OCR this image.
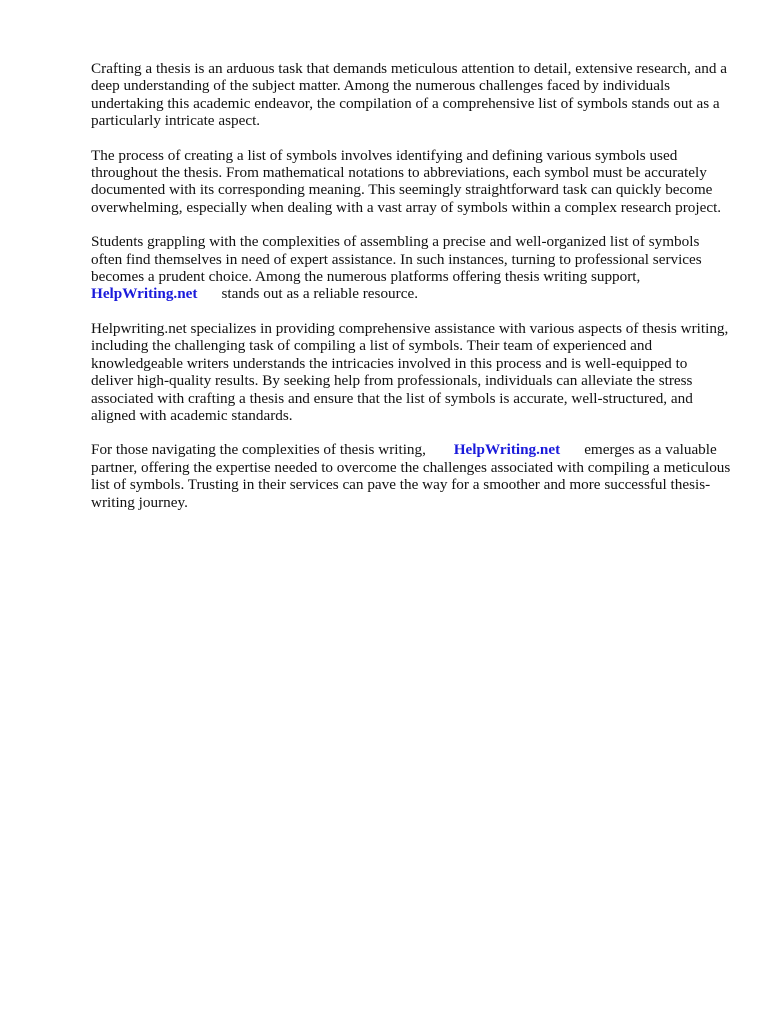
Crafting a thesis is an arduous task that demands meticulous attention to detail, extensive research, and a deep understanding of the subject matter. Among the numerous challenges faced by individuals undertaking this academic endeavor, the compilation of a comprehensive list of symbols stands out as a particularly intricate aspect.

The process of creating a list of symbols involves identifying and defining various symbols used throughout the thesis. From mathematical notations to abbreviations, each symbol must be accurately documented with its corresponding meaning. This seemingly straightforward task can quickly become overwhelming, especially when dealing with a vast array of symbols within a complex research project.

Students grappling with the complexities of assembling a precise and well-organized list of symbols often find themselves in need of expert assistance. In such instances, turning to professional services becomes a prudent choice. Among the numerous platforms offering thesis writing support, HelpWriting.net stands out as a reliable resource.

Helpwriting.net specializes in providing comprehensive assistance with various aspects of thesis writing, including the challenging task of compiling a list of symbols. Their team of experienced and knowledgeable writers understands the intricacies involved in this process and is well-equipped to deliver high-quality results. By seeking help from professionals, individuals can alleviate the stress associated with crafting a thesis and ensure that the list of symbols is accurate, well-structured, and aligned with academic standards.

For those navigating the complexities of thesis writing, HelpWriting.net emerges as a valuable partner, offering the expertise needed to overcome the challenges associated with compiling a meticulous list of symbols. Trusting in their services can pave the way for a smoother and more successful thesis-writing journey.
